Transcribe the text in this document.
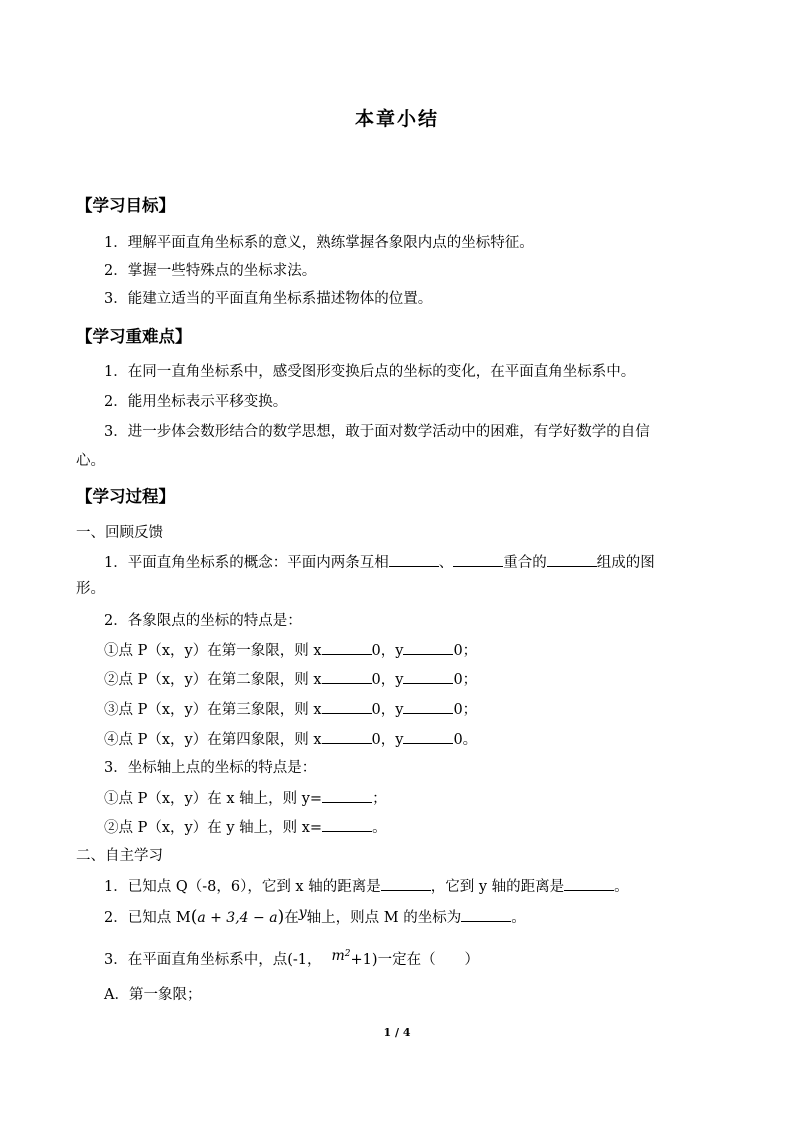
本章小结
【学习目标】
1．理解平面直角坐标系的意义，熟练掌握各象限内点的坐标特征。
2．掌握一些特殊点的坐标求法。
3．能建立适当的平面直角坐标系描述物体的位置。
【学习重难点】
1．在同一直角坐标系中，感受图形变换后点的坐标的变化，在平面直角坐标系中。
2．能用坐标表示平移变换。
3．进一步体会数形结合的数学思想，敢于面对数学活动中的困难，有学好数学的自信
心。
【学习过程】
一、回顾反馈
1．平面直角坐标系的概念：平面内两条互相	、	重合的	组成的图
形。
2．各象限点的坐标的特点是：
①点 P（x，y）在第一象限，则 x	0，y	0；
②点 P（x，y）在第二象限，则 x	0，y	0；
③点 P（x，y）在第三象限，则 x	0，y	0；
④点 P（x，y）在第四象限，则 x	0，y	0。
3．坐标轴上点的坐标的特点是：
①点 P（x，y）在 x 轴上，则 y=	；
②点 P（x，y）在 y 轴上，则 x=	。
二、自主学习
1．已知点 Q（-8，6），它到 x 轴的距离是	，它到 y 轴的距离是	。
2．已知点 M(a + 3,4 − a)在y轴上，则点 M 的坐标为	。
3．在平面直角坐标系中，点(-1， $m^2+1$)一定在（　　）
A．第一象限；
1 / 4
